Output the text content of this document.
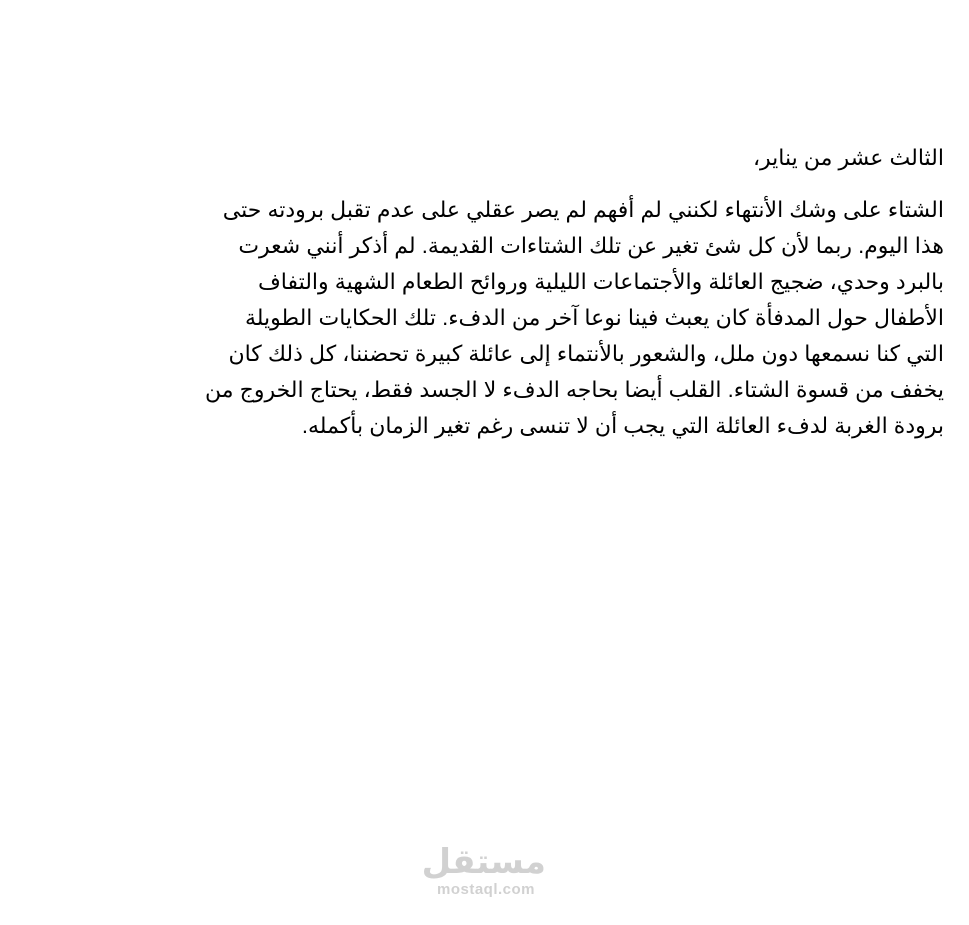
الثالث عشر من يناير،

الشتاء على وشك الأنتهاء لكنني لم أفهم لم يصر عقلي على عدم تقبل برودته حتى
هذا اليوم. ربما لأن كل شئ تغير عن تلك الشتاءات القديمة. لم أذكر أنني شعرت
بالبرد وحدي، ضجيج العائلة والأجتماعات الليلية وروائح الطعام الشهية والتفاف
الأطفال حول المدفأة كان يعبث فينا نوعا آخر من الدفء. تلك الحكايات الطويلة
التي كنا نسمعها دون ملل، والشعور بالأنتماء إلى عائلة كبيرة تحضننا، كل ذلك كان
يخفف من قسوة الشتاء. القلب أيضا بحاجه الدفء لا الجسد فقط، يحتاج الخروج من
برودة الغربة لدفء العائلة التي يجب أن لا تنسى رغم تغير الزمان بأكمله.

مستقل
mostaql.com
